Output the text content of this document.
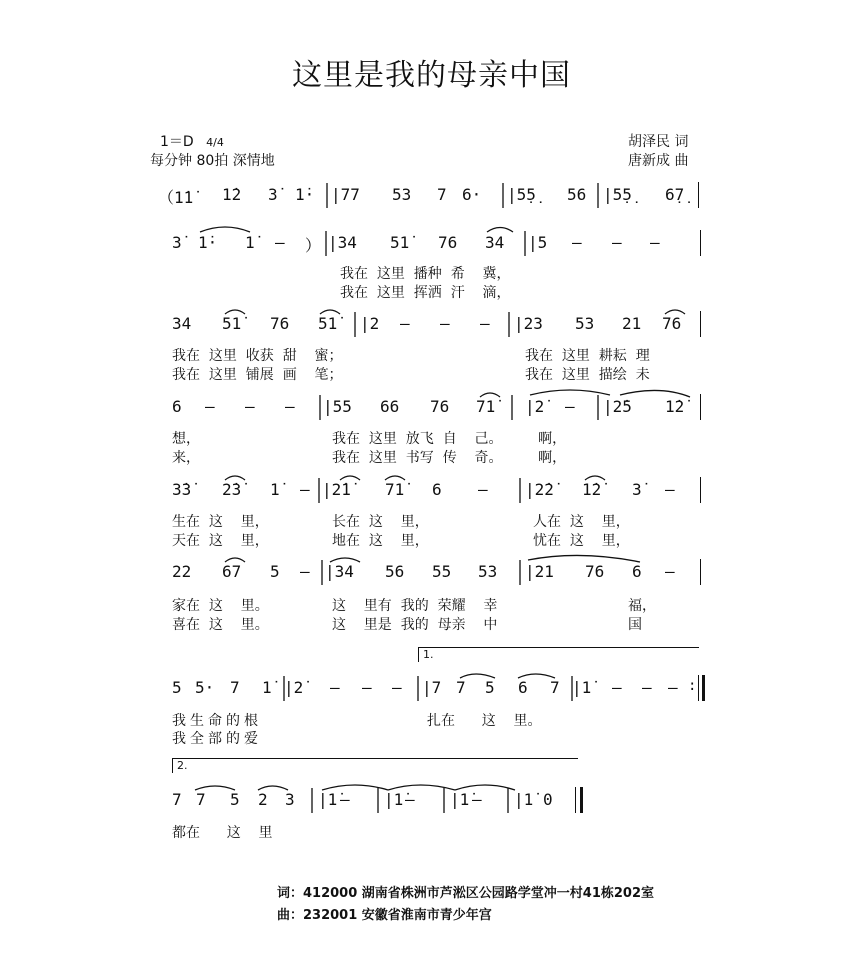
这里是我的母亲中国
1＝D 4/4
每分钟 80拍 深情地
胡泽民 词
唐新成 曲
（1̇1̇ 1̇2 3̇ 1̇· |77 53 7 6· |5̣5̣ 56 |5̣5̣ 6̣7̣
3̇ 1̇· 1̇ — ） |34 51̇ 76 34 |5 — — —
我在  这里  播种  希    冀，
我在  这里  挥洒  汗    滴，
34 51̇ 76 51̇ |2 — — — |23 53 21 76
我在  这里  收获  甜    蜜；
我在  这里  铺展  画    笔；
我在  这里  耕耘  理
我在  这里  描绘  未
6 — — — |55 66 76 71̇ |2̇ — |2̇5 1̇2̇
想，
来，
我在  这里  放飞  自    己。        啊，
我在  这里  书写  传    奇。        啊，
3̇3̇ 2̇3̇ 1̇ — |2̇1̇ 71̇ 6 — |2̇2̇ 1̇2̇ 3̇ —
生在  这    里，
天在  这    里，
长在  这    里，
地在  这    里，
人在  这    里，
忧在  这    里，
22 67 5 — |34 56 55 53 |21 76 6 —
家在  这    里。
喜在  这    里。
这    里有  我的  荣耀    幸
这    里是  我的  母亲    中
福，
国
1.
5 5· 7 1̇ |2̇ — — — |7 7 5 6 7 |1̇ — — — :
我生命的根
我全部的爱
扎在      这    里。
2.
7 7 5 2 3 |1̇ — |1̇ — |1̇ — |1̇ 0
都在      这    里
词：412000 湖南省株洲市芦淞区公园路学堂冲一村41栋202室
曲：232001 安徽省淮南市青少年宫
